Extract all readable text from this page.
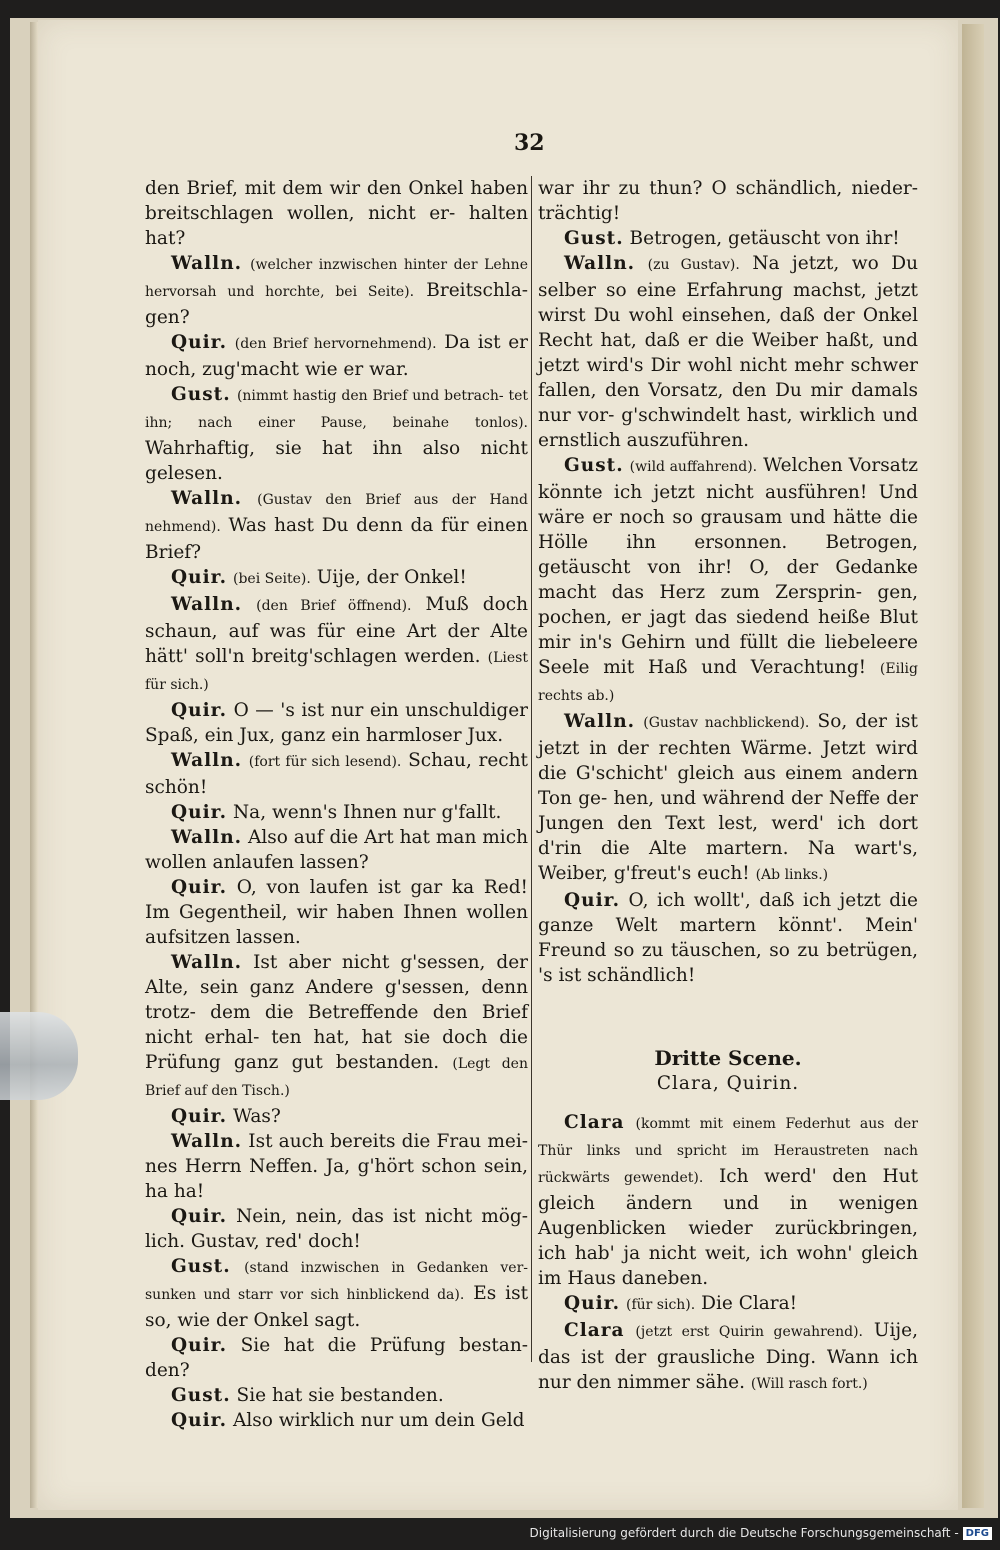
32

den Brief, mit dem wir den Onkel haben breitschlagen wollen, nicht er- halten hat?

Walln. (welcher inzwischen hinter der Lehne hervorsah und horchte, bei Seite). Breitschla- gen?

Quir. (den Brief hervornehmend). Da ist er noch, zug'macht wie er war.

Gust. (nimmt hastig den Brief und betrach- tet ihn; nach einer Pause, beinahe tonlos). Wahrhaftig, sie hat ihn also nicht gelesen.

Walln. (Gustav den Brief aus der Hand nehmend). Was hast Du denn da für einen Brief?

Quir. (bei Seite). Uije, der Onkel!

Walln. (den Brief öffnend). Muß doch schaun, auf was für eine Art der Alte hätt' soll'n breitg'schlagen werden. (Liest für sich.)

Quir. O — 's ist nur ein unschuldiger Spaß, ein Jux, ganz ein harmloser Jux.

Walln. (fort für sich lesend). Schau, recht schön!

Quir. Na, wenn's Ihnen nur g'fallt.

Walln. Also auf die Art hat man mich wollen anlaufen lassen?

Quir. O, von laufen ist gar ka Red! Im Gegentheil, wir haben Ihnen wollen aufsitzen lassen.

Walln. Ist aber nicht g'sessen, der Alte, sein ganz Andere g'sessen, denn trotz- dem die Betreffende den Brief nicht erhal- ten hat, hat sie doch die Prüfung ganz gut bestanden. (Legt den Brief auf den Tisch.)

Quir. Was?

Walln. Ist auch bereits die Frau mei- nes Herrn Neffen. Ja, g'hört schon sein, ha ha!

Quir. Nein, nein, das ist nicht mög- lich. Gustav, red' doch!

Gust. (stand inzwischen in Gedanken ver- sunken und starr vor sich hinblickend da). Es ist so, wie der Onkel sagt.

Quir. Sie hat die Prüfung bestan- den?

Gust. Sie hat sie bestanden.

Quir. Also wirklich nur um dein Geld

war ihr zu thun? O schändlich, nieder- trächtig!

Gust. Betrogen, getäuscht von ihr!

Walln. (zu Gustav). Na jetzt, wo Du selber so eine Erfahrung machst, jetzt wirst Du wohl einsehen, daß der Onkel Recht hat, daß er die Weiber haßt, und jetzt wird's Dir wohl nicht mehr schwer fallen, den Vorsatz, den Du mir damals nur vor- g'schwindelt hast, wirklich und ernstlich auszuführen.

Gust. (wild auffahrend). Welchen Vorsatz könnte ich jetzt nicht ausführen! Und wäre er noch so grausam und hätte die Hölle ihn ersonnen. Betrogen, getäuscht von ihr! O, der Gedanke macht das Herz zum Zersprin- gen, pochen, er jagt das siedend heiße Blut mir in's Gehirn und füllt die liebeleere Seele mit Haß und Verachtung! (Eilig rechts ab.)

Walln. (Gustav nachblickend). So, der ist jetzt in der rechten Wärme. Jetzt wird die G'schicht' gleich aus einem andern Ton ge- hen, und während der Neffe der Jungen den Text lest, werd' ich dort d'rin die Alte martern. Na wart's, Weiber, g'freut's euch! (Ab links.)

Quir. O, ich wollt', daß ich jetzt die ganze Welt martern könnt'. Mein' Freund so zu täuschen, so zu betrügen, 's ist schändlich!

Dritte Scene.
Clara, Quirin.

Clara (kommt mit einem Federhut aus der Thür links und spricht im Heraustreten nach rückwärts gewendet). Ich werd' den Hut gleich ändern und in wenigen Augenblicken wieder zurückbringen, ich hab' ja nicht weit, ich wohn' gleich im Haus daneben.

Quir. (für sich). Die Clara!

Clara (jetzt erst Quirin gewahrend). Uije, das ist der grausliche Ding. Wann ich nur den nimmer sähe. (Will rasch fort.)

Digitalisierung gefördert durch die Deutsche Forschungsgemeinschaft - DFG
